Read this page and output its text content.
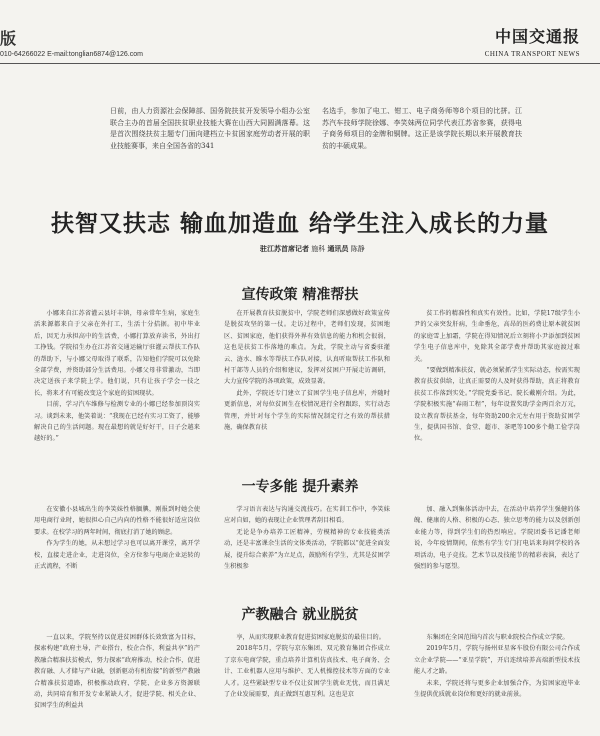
版
010-64266022 E-mail:tonglian6874@126.com
中国交通报
CHINA TRANSPORT NEWS
日前，由人力资源社会保障部、国务院扶贫开发领导小组办公室联合主办的首届全国扶贫职业技能大赛在山西大同圆满落幕。这是首次围绕扶贫主题专门面向建档立卡贫困家庭劳动者开展的职业技能赛事，来自全国各省的341
名选手，参加了电工、钳工、电子商务师等8个项目的比拼。江苏汽车技师学院徐娜、李笑妹两位同学代表江苏省参赛，获得电子商务师项目的金牌和铜牌。这正是该学院长期以来开展教育扶贫的丰硕成果。
扶智又扶志 输血加造血 给学生注入成长的力量
驻江苏首席记者 施科 通讯员 陈静
宣传政策 精准帮扶

小娜来自江苏省灌云县圩丰镇，母亲常年生病，家庭生活来源都来自于父亲在外打工，生活十分拮据。初中毕业后，因无力承担高中的生活费，小娜打算放弃读书，外出打工挣钱。学院招生办在江苏省交通运输厅驻灌云帮扶工作队的帮助下，与小娜父母取得了联系，告知他们学院可以免除全部学费，并资助部分生活费用。小娜父母非常激动，当即决定送孩子来学院上学。他们说，只有让孩子学会一技之长，将来才有可能改变这个家庭的贫困现状。

目前，学习汽车维修与检测专业的小娜已经参加顶岗实习。谈到未来，他笑着说：“我现在已经有实习工资了，能够解决自己的生活问题。现在最想的就是好好干，日子会越来越好的。”

在开展教育扶贫脱贫中，学院老师们深感做好政策宣传是脱贫攻坚的第一仗。走访过程中，老师们发现，贫困地区、贫困家庭，他们获得外界有效信息的能力和机会很弱，这也是扶贫工作落地的难点。为此，学院主动与省委驻灌云、涟水、睢水等帮扶工作队对接，认真听取帮扶工作队和村干部等人员的介绍和建议，发挥对贫困户开展走访调研，大力宣传学院的各项政策，成效显著。

此外，学院还专门建立了贫困学生电子信息库，并随时更新信息，对每位贫困生在校情况进行全程跟踪，实行动态管理，并针对每个学生的实际情况制定行之有效的帮扶措施，确保教育扶

贫工作的精准性和真实有效性。比如，学院17级学生小尹的父亲突发肝病，生命垂危，高昂的医药费让原本就贫困的家庭雪上加霜，学院在得知情况后立刻将小尹添加到贫困学生电子信息库中，免除其全部学费并帮助其家庭渡过难关。

“要做到精准扶贫，就必须紧抓学生实际动态，按需实现教育扶贫供给，让真正需要的人及时获得帮助，真正将教育扶贫工作落到实处。”学院党委书记、院长戴刚介绍。为此，学院积极实施“春雨工程”，每年设置奖助学金两百余万元，设立教育帮扶基金，每年资助200余元左右用于资助贫困学生，提供国书馆、食堂、超市、茶吧等100多个勤工俭学岗位。

一专多能 提升素养

在安徽小县城出生的李笑妹性格腼腆，刚报到时她会使用电商行业时，她很担心自己内向的性格不能很好适应岗位要求。在校学习的两年时间，彻底打消了她的顾虑。

作为学生的她，从未想过学习也可以离开课堂，离开学校，直接走进企业，走进岗位，全方位参与电商企业运转的正式流程，不断

学习语言表达与沟通交流技巧。在实训工作中，李笑妹应对自如，她的表现让企业管理者刮目相看。

无论是争办培养工匠精神，劳模精神的专业技能类活动，还是丰富课余生活的文体类活动，学院都以“促进全面发展，提升综合素养”为立足点，鼓励所有学生，尤其是贫困学生积极参

加、融入到集体活动中去，在活动中培养学生强健的体魄、健康的人格、积极的心态、独立思考的能力以及创新创业能力等，得到学生们的热烈响应。学院团委书记潘老师说，今年疫情期间，依然有学生专门打电话来询问学校的各项活动，电子竞技。艺术节以及技能节的精彩表演，表达了强烈的参与愿望。

产教融合 就业脱贫

一直以来，学院坚持以促进贫困群体长效致富为目标，探索构建“政府主导，产业搭台，校企合作，利益共享”的产教融合精准扶贫模式，努力探索“政府推动，校企合作，促进教育融、人才储与产业融，创新驱动有机衔接”的新型产教融合精准扶贫道路，积极推动政府、学院、企业多方资源联动，共同培育和开发专业紧缺人才，促进学院、相关企业、贫困学生的利益共

享，从而实现职业教育促进贫困家庭脱贫的最佳目的。

2018年5月，学院与京东集团、双元教育集团合作成立了京东电商学院，重点培养计算机仿真技术、电子商务、会计、工业机器人应用与维护、无人机操控技术等方面的专业人才。这些紧缺型专业不仅让贫困学生就业无忧，而且满足了企业发展需要，真正做到互惠互利。这也是京

东集团在全国范围内首次与职业院校合作成立学院。

2019年5月，学院与扬州亚星客车股份有限公司合作成立企业学院——“亚星学院”，开启连续培养高端新型技术技能人才之路。

未来，学院还将与更多企业加强合作，为贫困家庭毕业生提供优质就业岗位和更好的就业前景。
